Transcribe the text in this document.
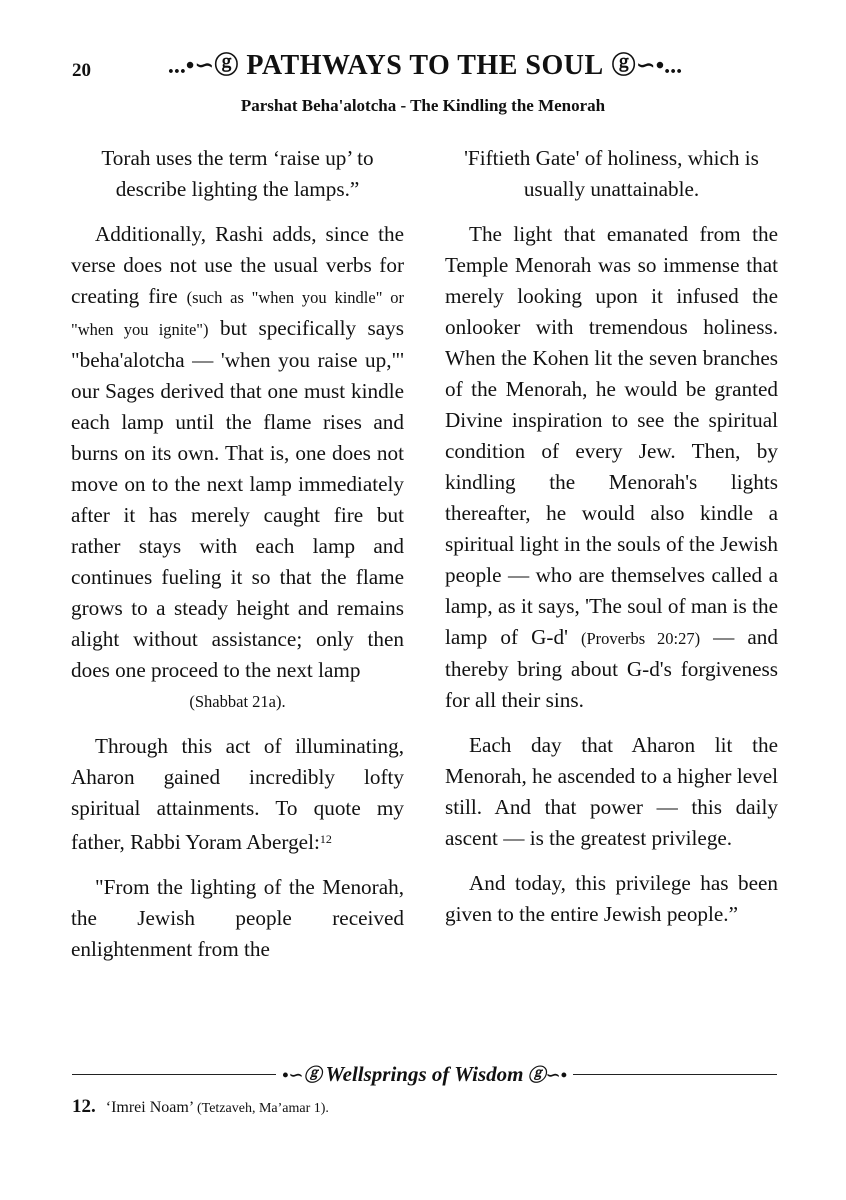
20	...•∽ⓖ PATHWAYS TO THE SOUL ⓖ∽•...
Parshat Beha'alotcha - The Kindling the Menorah

Torah uses the term ‘raise up’ to describe lighting the lamps.”

Additionally, Rashi adds, since the verse does not use the usual verbs for creating fire (such as "when you kindle" or "when you ignite") but specifically says "beha'alotcha — 'when you raise up,"' our Sages derived that one must kindle each lamp until the flame rises and burns on its own. That is, one does not move on to the next lamp immediately after it has merely caught fire but rather stays with each lamp and continues fueling it so that the flame grows to a steady height and remains alight without assistance; only then does one proceed to the next lamp
(Shabbat 21a).

Through this act of illuminating, Aharon gained incredibly lofty spiritual attainments. To quote my father, Rabbi Yoram Abergel:$^{12}$

"From the lighting of the Menorah, the Jewish people received enlightenment from the

'Fiftieth Gate' of holiness, which is usually unattainable.

The light that emanated from the Temple Menorah was so immense that merely looking upon it infused the onlooker with tremendous holiness. When the Kohen lit the seven branches of the Menorah, he would be granted Divine inspiration to see the spiritual condition of every Jew. Then, by kindling the Menorah's lights thereafter, he would also kindle a spiritual light in the souls of the Jewish people — who are themselves called a lamp, as it says, 'The soul of man is the lamp of G-d' (Proverbs 20:27) — and thereby bring about G-d's forgiveness for all their sins.

Each day that Aharon lit the Menorah, he ascended to a higher level still. And that power — this daily ascent — is the greatest privilege.

And today, this privilege has been given to the entire Jewish people.”

•∽ⓖ Wellsprings of Wisdom ⓖ∽•
12. ‘Imrei Noam’ (Tetzaveh, Ma’amar 1).
